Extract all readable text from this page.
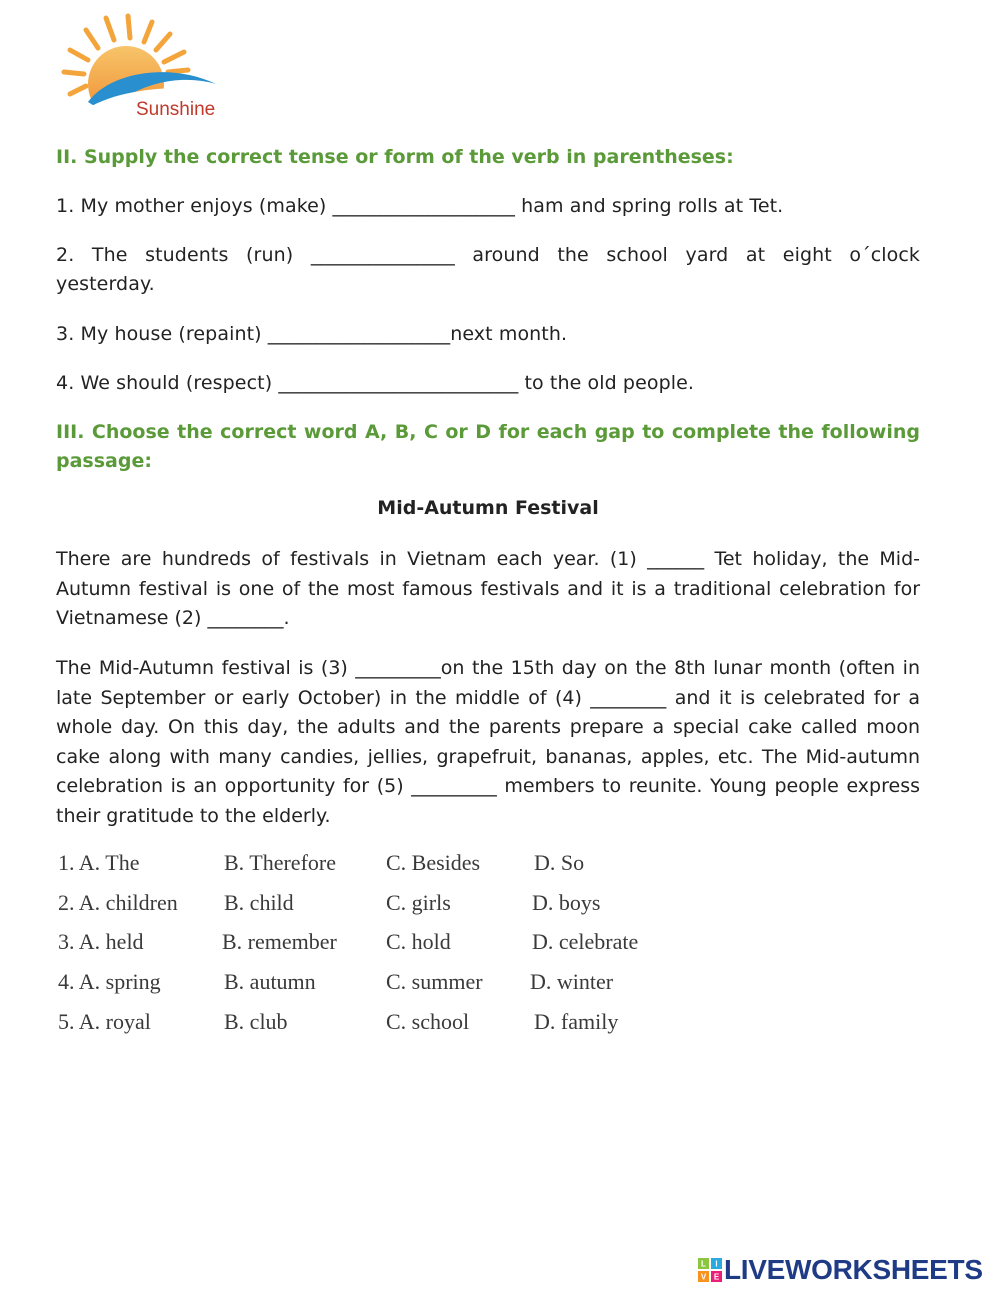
Sunshine
II. Supply the correct tense or form of the verb in parentheses:
1. My mother enjoys (make) ___________________ ham and spring rolls at Tet.
2. The students (run) _______________ around the school yard at eight o´clock
yesterday.
3. My house (repaint) ___________________next month.
4. We should (respect) _________________________ to the old people.
III. Choose the correct word A, B, C or D for each gap to complete the following
passage:
Mid-Autumn Festival
There are hundreds of festivals in Vietnam each year. (1) ______ Tet holiday, the Mid-Autumn festival is one of the most famous festivals and it is a traditional celebration for Vietnamese (2) ________.
The Mid-Autumn festival is (3) _________on the 15th day on the 8th lunar month (often in late September or early October) in the middle of (4) ________ and it is celebrated for a whole day. On this day, the adults and the parents prepare a special cake called moon cake along with many candies, jellies, grapefruit, bananas, apples, etc. The Mid-autumn celebration is an opportunity for (5) _________ members to reunite. Young people express their gratitude to the elderly.
1. A. The	B. Therefore C. Besides D. So
2. A. children B. child	C. girls	D. boys
3. A. held	B. remember C. hold	D. celebrate
4. A. spring	B. autumn	C. summer D. winter
5. A. royal	B. club	C. school	D. family
L I
V E LIVEWORKSHEETS
